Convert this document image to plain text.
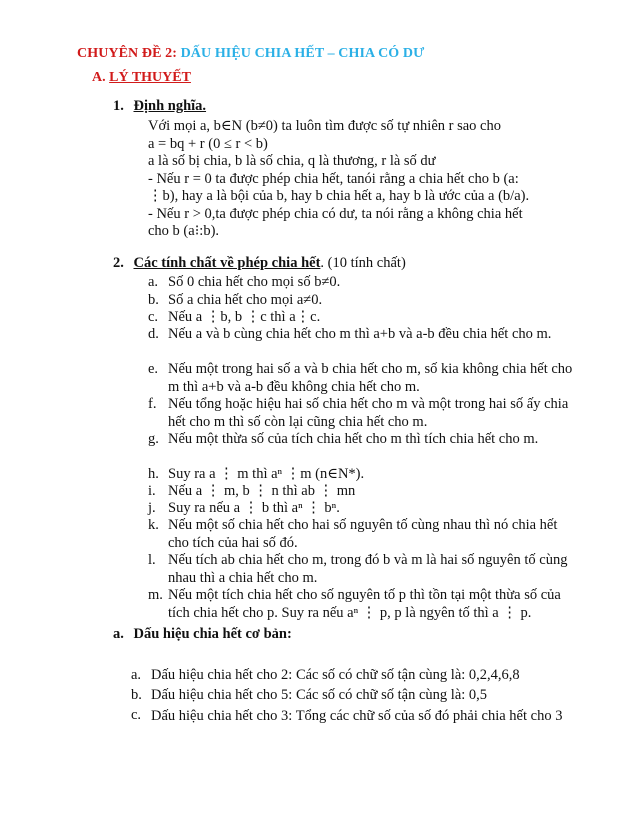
CHUYÊN ĐỀ 2: DẤU HIỆU CHIA HẾT – CHIA CÓ DƯ
A. LÝ THUYẾT
1. Định nghĩa.
Với mọi a, b∈N (b≠0) ta luôn tìm được số tự nhiên r sao cho
a = bq + r (0 ≤ r < b)
a là số bị chia, b là số chia, q là thương, r là số dư
- Nếu r = 0 ta được phép chia hết, tanói rằng a chia hết cho b (a:
⋮b), hay a là bội của b, hay b chia hết a, hay b là ước của a (b/a).
- Nếu r > 0,ta được phép chia có dư, ta nói rằng a không chia hết
cho b (a⁝:b).
2. Các tính chất về phép chia hết. (10 tính chất)
a. Số 0 chia hết cho mọi số b≠0.
b. Số a chia hết cho mọi a≠0.
c. Nếu a ⋮b, b ⋮c thì a⋮c.
d. Nếu a và b cùng chia hết cho m thì a+b và a-b đều chia hết cho m.
e. Nếu một trong hai số a và b chia hết cho m, số kia không chia hết cho m thì a+b và a-b đều không chia hết cho m.
f. Nếu tổng hoặc hiệu hai số chia hết cho m và một trong hai số ấy chia hết cho m thì số còn lại cũng chia hết cho m.
g. Nếu một thừa số của tích chia hết cho m thì tích chia hết cho m.
h. Suy ra a ⋮ m thì aⁿ ⋮m (n∈N*).
i. Nếu a ⋮ m, b ⋮ n thì ab ⋮ mn
j. Suy ra nếu a ⋮ b thì aⁿ ⋮ bⁿ.
k. Nếu một số chia hết cho hai số nguyên tố cùng nhau thì nó chia hết cho tích của hai số đó.
l. Nếu tích ab chia hết cho m, trong đó b và m là hai số nguyên tố cùng nhau thì a chia hết cho m.
m. Nếu một tích chia hết cho số nguyên tố p thì tồn tại một thừa số của tích chia hết cho p. Suy ra nếu aⁿ ⋮ p, p là ngyên tố thì a ⋮ p.
a. Dấu hiệu chia hết cơ bản:
a. Dấu hiệu chia hết cho 2: Các số có chữ số tận cùng là: 0,2,4,6,8
b. Dấu hiệu chia hết cho 5: Các số có chữ số tận cùng là: 0,5
c. Dấu hiệu chia hết cho 3: Tổng các chữ số của số đó phải chia hết cho 3
